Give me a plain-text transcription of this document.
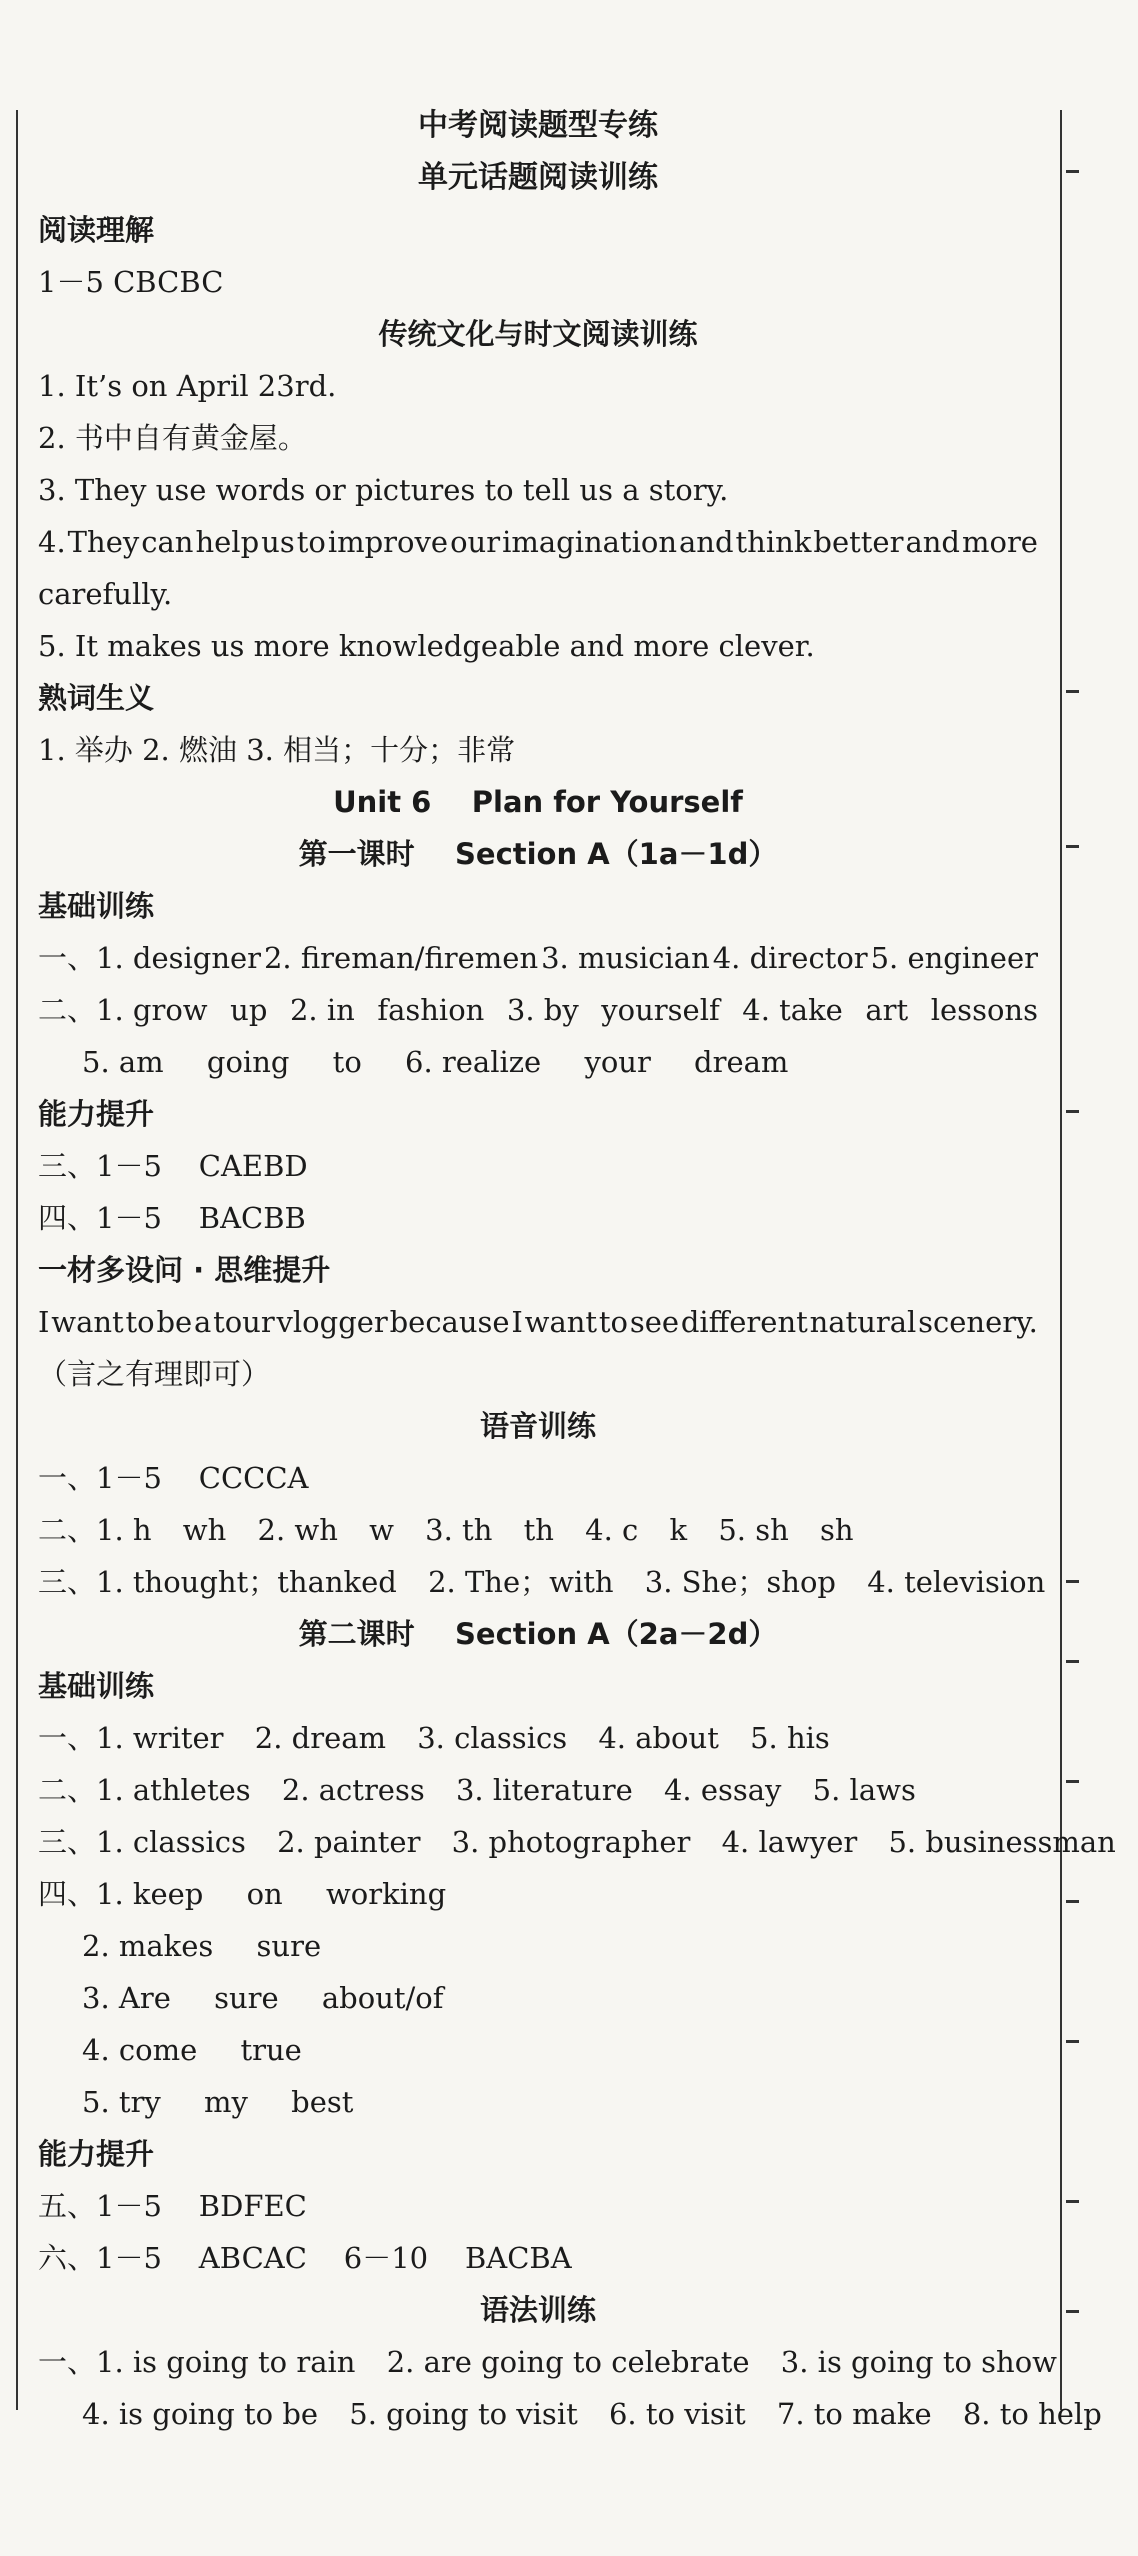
中考阅读题型专练
单元话题阅读训练
阅读理解
1－5 CBCBC
传统文化与时文阅读训练
1. It’s on April 23rd.
2. 书中自有黄金屋。
3. They use words or pictures to tell us a story.
4. They can help us to improve our imagination and think better and more
carefully.
5. It makes us more knowledgeable and more clever.
熟词生义
1. 举办 2. 燃油 3. 相当；十分；非常
Unit 6    Plan for Yourself
第一课时    Section A（1a－1d）
基础训练
一、1. designer 2. fireman/firemen 3. musician 4. director 5. engineer
二、1. grow up 2. in fashion 3. by yourself 4. take art lessons
5. am going to 6. realize your dream
能力提升
三、1－5    CAEBD
四、1－5    BACBB
一材多设问 · 思维提升
I want to be a tour vlogger because I want to see different natural scenery.
（言之有理即可）
语音训练
一、1－5    CCCCA
二、1. h wh 2. wh w 3. th th 4. c k 5. sh sh
三、1. thought；thanked 2. The；with 3. She；shop 4. television
第二课时    Section A（2a－2d）
基础训练
一、1. writer 2. dream 3. classics 4. about 5. his
二、1. athletes 2. actress 3. literature 4. essay 5. laws
三、1. classics 2. painter 3. photographer 4. lawyer 5. businessman
四、1. keep on working
2. makes sure
3. Are sure about/of
4. come true
5. try my best
能力提升
五、1－5    BDFEC
六、1－5    ABCAC    6－10    BACBA
语法训练
一、1. is going to rain 2. are going to celebrate 3. is going to show
4. is going to be 5. going to visit 6. to visit 7. to make 8. to help
